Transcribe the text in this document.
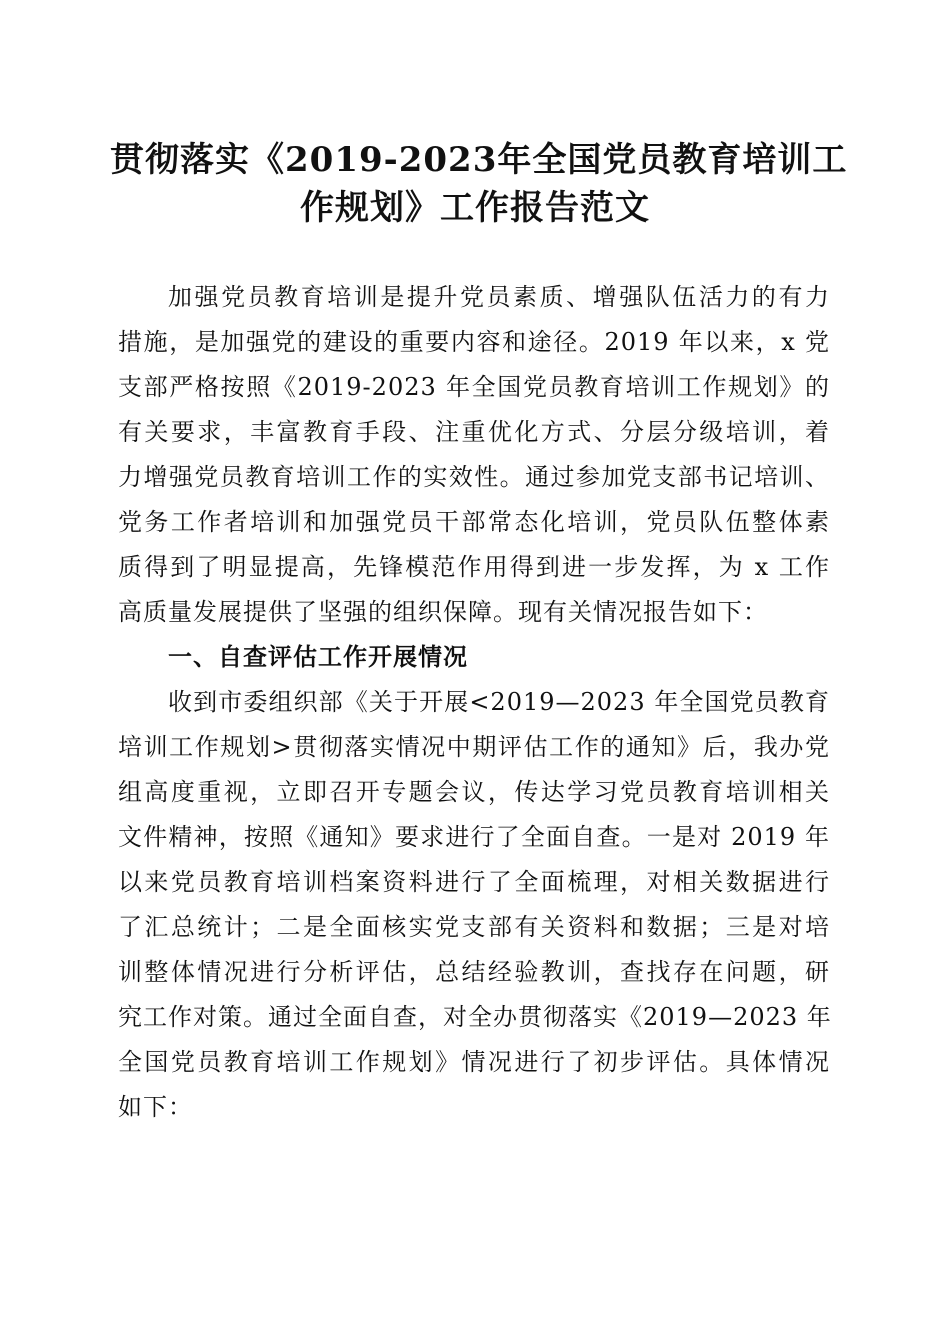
贯彻落实《2019-2023年全国党员教育培训工
作规划》工作报告范文

加强党员教育培训是提升党员素质、增强队伍活力的有力
措施，是加强党的建设的重要内容和途径。2019 年以来，x 党
支部严格按照《2019-2023 年全国党员教育培训工作规划》的
有关要求，丰富教育手段、注重优化方式、分层分级培训，着
力增强党员教育培训工作的实效性。通过参加党支部书记培训、
党务工作者培训和加强党员干部常态化培训，党员队伍整体素
质得到了明显提高，先锋模范作用得到进一步发挥，为 x 工作
高质量发展提供了坚强的组织保障。现有关情况报告如下：

一、自查评估工作开展情况

收到市委组织部《关于开展<2019—2023 年全国党员教育
培训工作规划>贯彻落实情况中期评估工作的通知》后，我办党
组高度重视，立即召开专题会议，传达学习党员教育培训相关
文件精神，按照《通知》要求进行了全面自查。一是对 2019 年
以来党员教育培训档案资料进行了全面梳理，对相关数据进行
了汇总统计；二是全面核实党支部有关资料和数据；三是对培
训整体情况进行分析评估，总结经验教训，查找存在问题，研
究工作对策。通过全面自查，对全办贯彻落实《2019—2023 年
全国党员教育培训工作规划》情况进行了初步评估。具体情况
如下：
